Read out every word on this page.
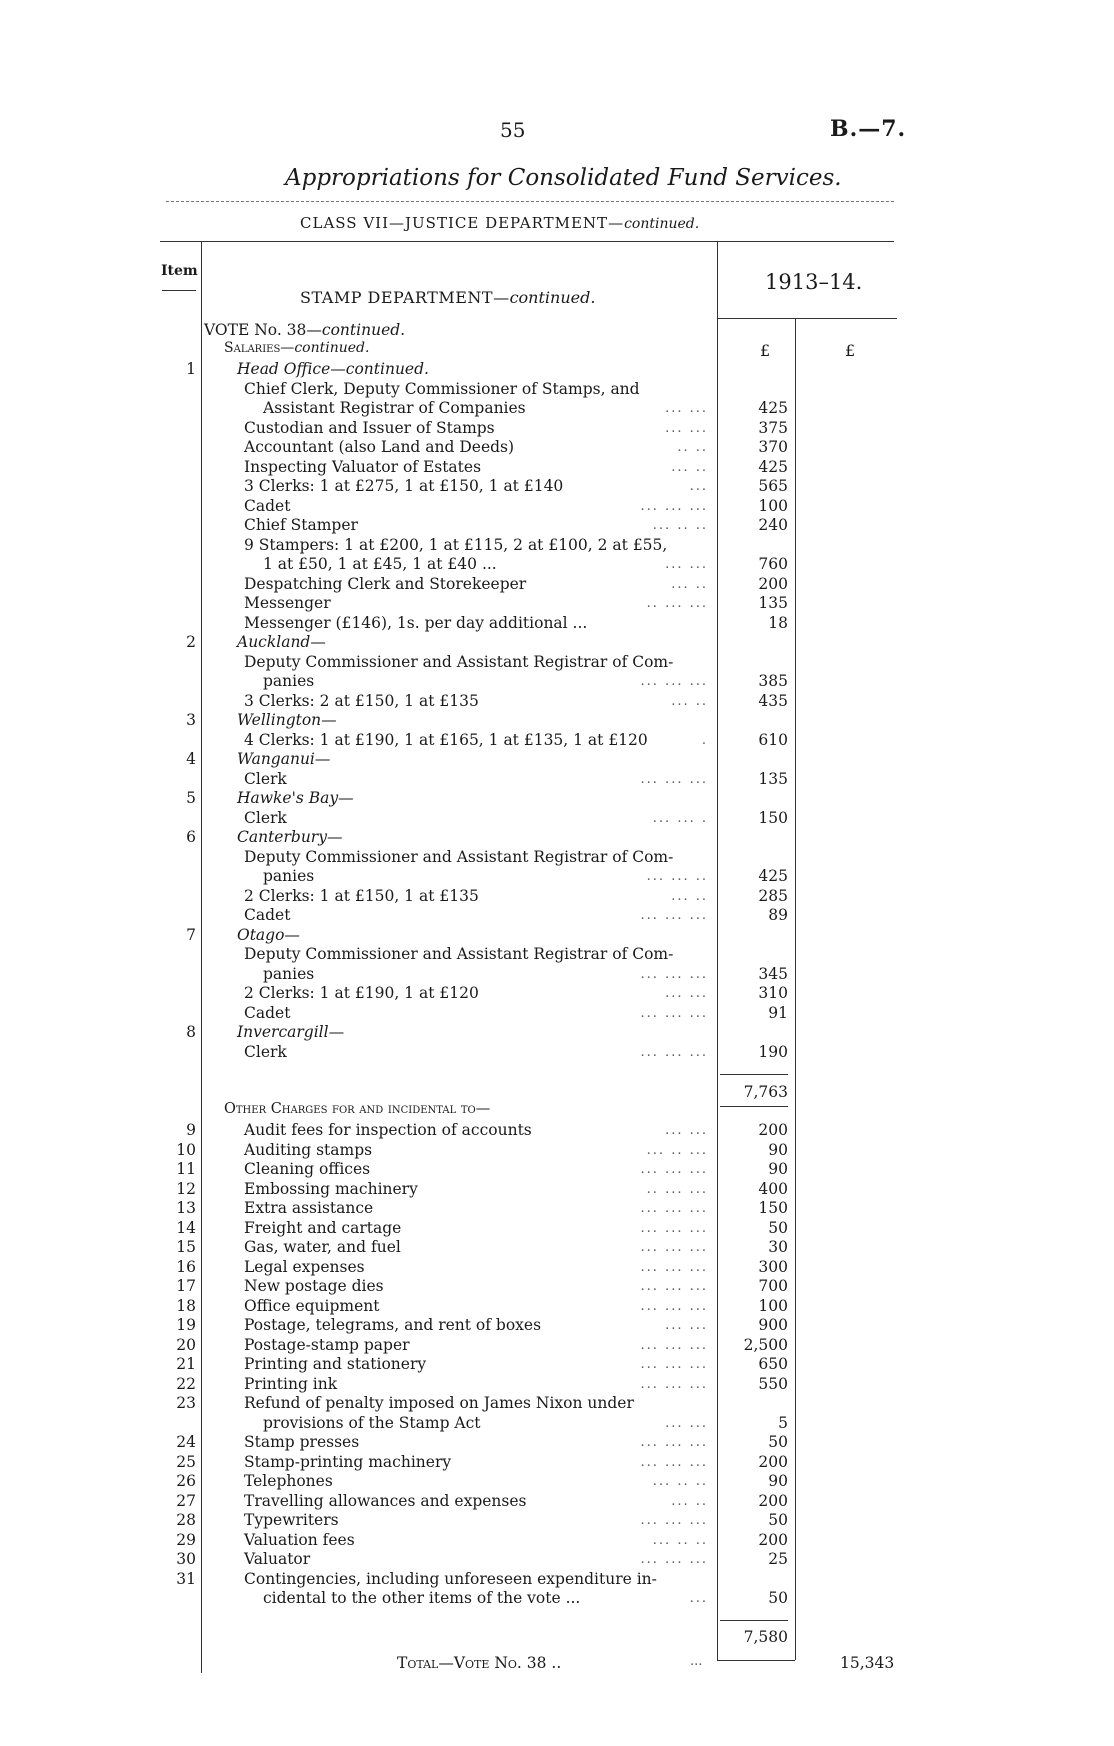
55	B.—7.
Appropriations for Consolidated Fund Services.
CLASS VII—JUSTICE DEPARTMENT—continued.
Item	1913–14.
STAMP DEPARTMENT—continued.
£	£
VOTE No. 38—continued.
Salaries—continued.
1	Head Office—continued.
Chief Clerk, Deputy Commissioner of Stamps, and
Assistant Registrar of Companies	... ...	425
Custodian and Issuer of Stamps	... ...	375
Accountant (also Land and Deeds)	.. ..	370
Inspecting Valuator of Estates	... ..	425
3 Clerks: 1 at £275, 1 at £150, 1 at £140	...	565
Cadet	... ... ...	100
Chief Stamper	... .. ..	240
9 Stampers: 1 at £200, 1 at £115, 2 at £100, 2 at £55,
1 at £50, 1 at £45, 1 at £40 ...	... ...	760
Despatching Clerk and Storekeeper	... ..	200
Messenger	.. ... ...	135
Messenger (£146), 1s. per day additional ...	18
2	Auckland—
Deputy Commissioner and Assistant Registrar of Com-
panies	... ... ...	385
3 Clerks: 2 at £150, 1 at £135	... ..	435
3	Wellington—
4 Clerks: 1 at £190, 1 at £165, 1 at £135, 1 at £120	.	610
4	Wanganui—
Clerk	... ... ...	135
5	Hawke's Bay—
Clerk	... ... .	150
6	Canterbury—
Deputy Commissioner and Assistant Registrar of Com-
panies	... ... ..	425
2 Clerks: 1 at £150, 1 at £135	... ..	285
Cadet	... ... ...	89
7	Otago—
Deputy Commissioner and Assistant Registrar of Com-
panies	... ... ...	345
2 Clerks: 1 at £190, 1 at £120	... ...	310
Cadet	... ... ...	91
8	Invercargill—
Clerk	... ... ...	190
7,763
Other Charges for and incidental to—
9	Audit fees for inspection of accounts	... ...	200
10	Auditing stamps	... .. ...	90
11	Cleaning offices	... ... ...	90
12	Embossing machinery	.. ... ...	400
13	Extra assistance	... ... ...	150
14	Freight and cartage	... ... ...	50
15	Gas, water, and fuel	... ... ...	30
16	Legal expenses	... ... ...	300
17	New postage dies	... ... ...	700
18	Office equipment	... ... ...	100
19	Postage, telegrams, and rent of boxes	... ...	900
20	Postage-stamp paper	... ... ...	2,500
21	Printing and stationery	... ... ...	650
22	Printing ink	... ... ...	550
23	Refund of penalty imposed on James Nixon under
provisions of the Stamp Act	... ...	5
24	Stamp presses	... ... ...	50
25	Stamp-printing machinery	... ... ...	200
26	Telephones	... .. ..	90
27	Travelling allowances and expenses	... ..	200
28	Typewriters	... ... ...	50
29	Valuation fees	... .. ..	200
30	Valuator	... ... ...	25
31	Contingencies, including unforeseen expenditure in-
cidental to the other items of the vote ...	...	50
7,580
Total—Vote No. 38 ..	...	15,343
